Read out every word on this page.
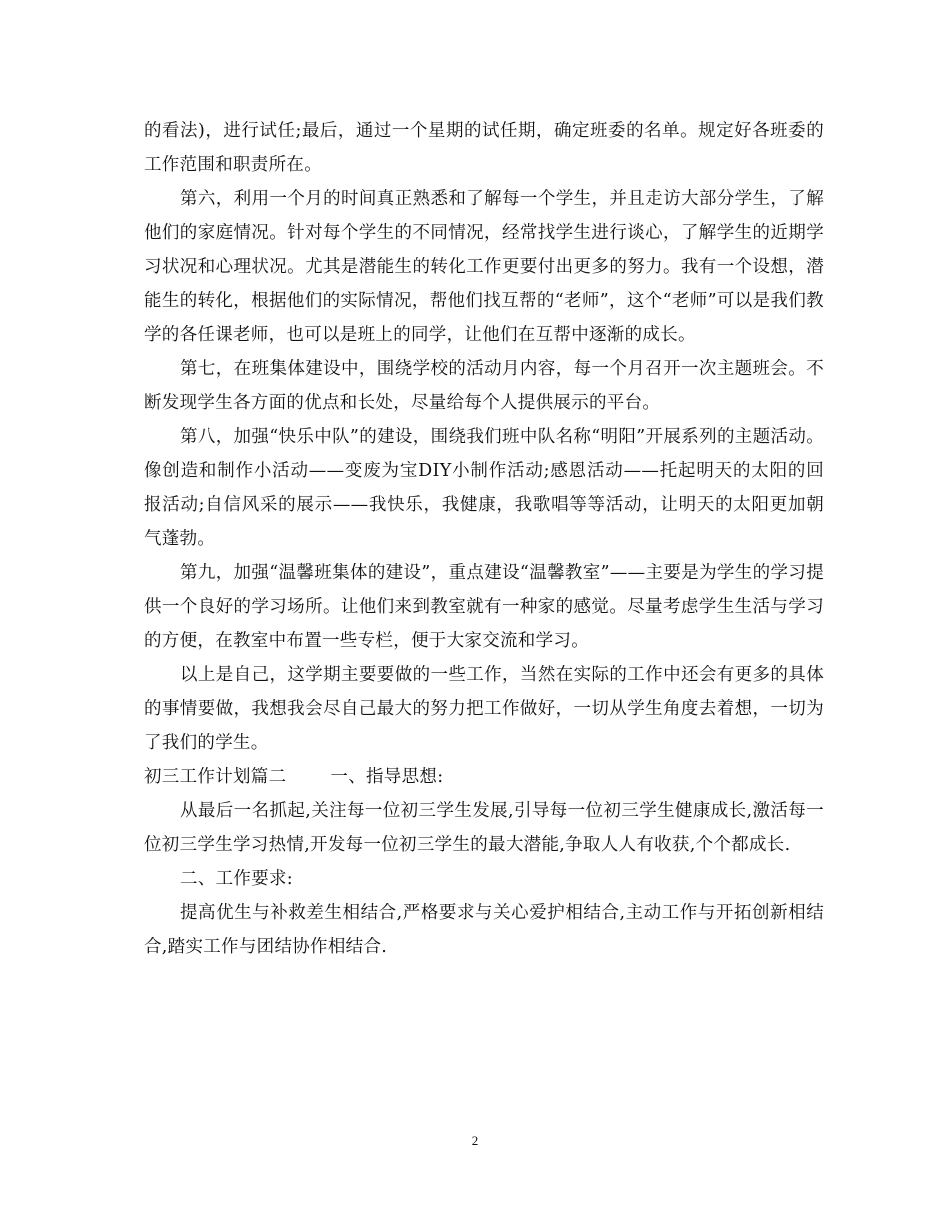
的看法)，进行试任;最后，通过一个星期的试任期，确定班委的名单。规定好各班委的工作范围和职责所在。

第六，利用一个月的时间真正熟悉和了解每一个学生，并且走访大部分学生，了解他们的家庭情况。针对每个学生的不同情况，经常找学生进行谈心，了解学生的近期学习状况和心理状况。尤其是潜能生的转化工作更要付出更多的努力。我有一个设想，潜能生的转化，根据他们的实际情况，帮他们找互帮的“老师”，这个“老师”可以是我们教学的各任课老师，也可以是班上的同学，让他们在互帮中逐渐的成长。

第七，在班集体建设中，围绕学校的活动月内容，每一个月召开一次主题班会。不断发现学生各方面的优点和长处，尽量给每个人提供展示的平台。

第八，加强“快乐中队”的建设，围绕我们班中队名称“明阳”开展系列的主题活动。像创造和制作小活动——变废为宝DIY小制作活动;感恩活动——托起明天的太阳的回报活动;自信风采的展示——我快乐，我健康，我歌唱等等活动，让明天的太阳更加朝气蓬勃。

第九，加强“温馨班集体的建设”，重点建设“温馨教室”——主要是为学生的学习提供一个良好的学习场所。让他们来到教室就有一种家的感觉。尽量考虑学生生活与学习的方便，在教室中布置一些专栏，便于大家交流和学习。

以上是自己，这学期主要要做的一些工作，当然在实际的工作中还会有更多的具体的事情要做，我想我会尽自己最大的努力把工作做好，一切从学生角度去着想，一切为了我们的学生。

初三工作计划篇二	一、指导思想:

从最后一名抓起,关注每一位初三学生发展,引导每一位初三学生健康成长,激活每一位初三学生学习热情,开发每一位初三学生的最大潜能,争取人人有收获,个个都成长.

二、工作要求:

提高优生与补救差生相结合,严格要求与关心爱护相结合,主动工作与开拓创新相结合,踏实工作与团结协作相结合.

2
